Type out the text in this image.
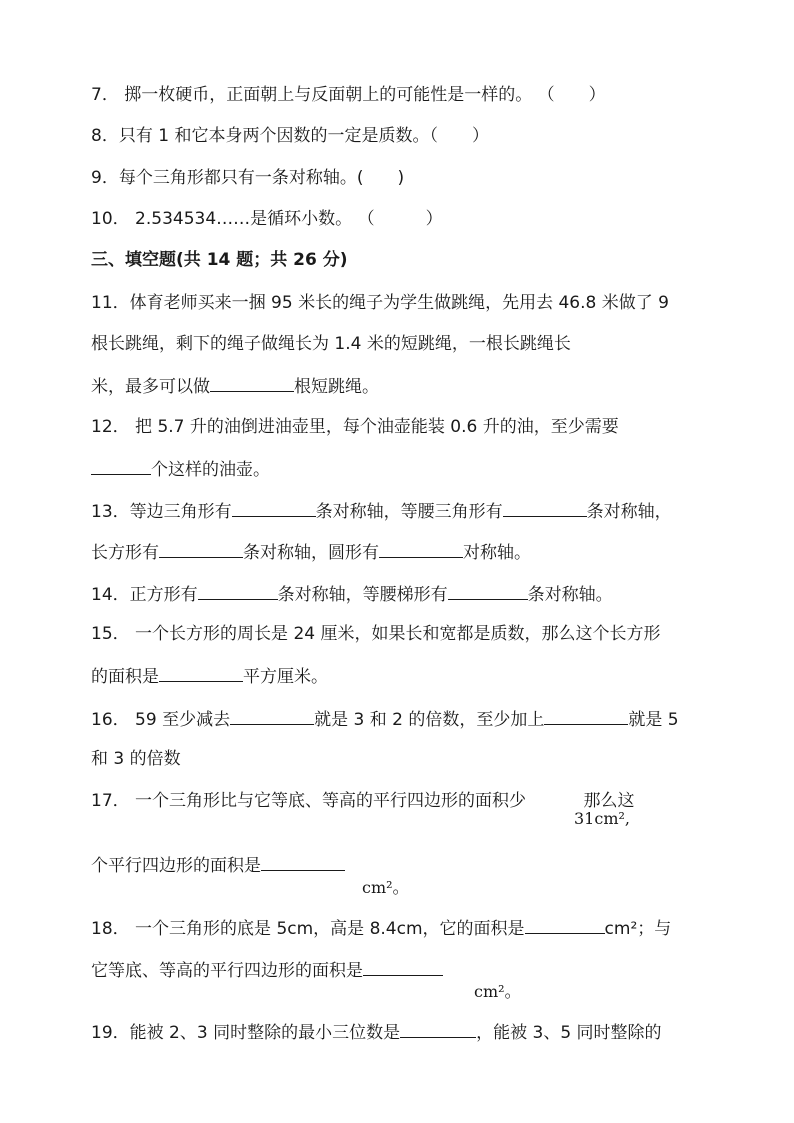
7． 掷一枚硬币，正面朝上与反面朝上的可能性是一样的。 （　　）
8．只有 1 和它本身两个因数的一定是质数。（　　）
9．每个三角形都只有一条对称轴。(　　)
10． 2.534534……是循环小数。 （　　　）
三、填空题(共 14 题；共 26 分)
11．体育老师买来一捆 95 米长的绳子为学生做跳绳，先用去 46.8 米做了 9
根长跳绳，剩下的绳子做绳长为 1.4 米的短跳绳，一根长跳绳长
米，最多可以做	根短跳绳。
12． 把 5.7 升的油倒进油壶里，每个油壶能装 0.6 升的油，至少需要
个这样的油壶。
13．等边三角形有	条对称轴，等腰三角形有	条对称轴，
长方形有	条对称轴，圆形有	对称轴。
14．正方形有	条对称轴，等腰梯形有	条对称轴。
15． 一个长方形的周长是 24 厘米，如果长和宽都是质数，那么这个长方形
的面积是	平方厘米。
16． 59 至少减去	就是 3 和 2 的倍数，至少加上	就是 5
和 3 的倍数
17． 一个三角形比与它等底、等高的平行四边形的面积少	那么这
31cm²,
个平行四边形的面积是
cm²。
18． 一个三角形的底是 5cm，高是 8.4cm，它的面积是	cm²；与
它等底、等高的平行四边形的面积是
cm²。
19．能被 2、3 同时整除的最小三位数是	，能被 3、5 同时整除的
